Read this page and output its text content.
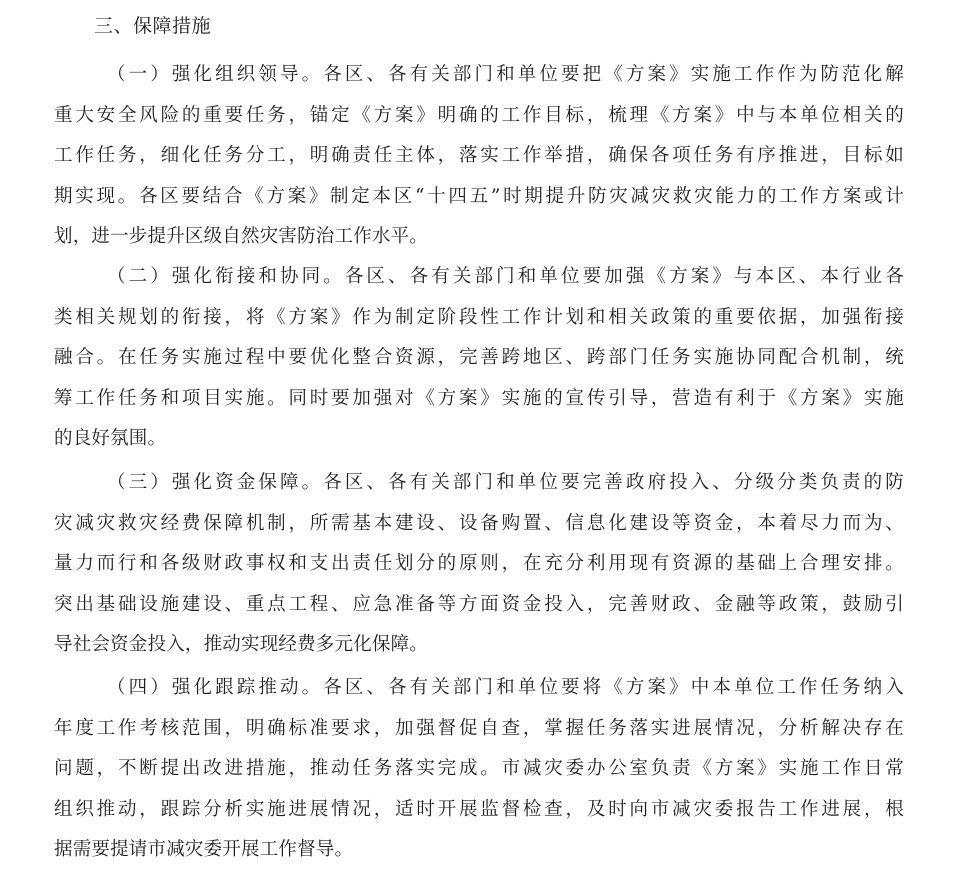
三、保障措施
（一）强化组织领导。各区、各有关部门和单位要把《方案》实施工作作为防范化解
重大安全风险的重要任务，锚定《方案》明确的工作目标，梳理《方案》中与本单位相关的
工作任务，细化任务分工，明确责任主体，落实工作举措，确保各项任务有序推进，目标如
期实现。各区要结合《方案》制定本区“十四五”时期提升防灾减灾救灾能力的工作方案或计
划，进一步提升区级自然灾害防治工作水平。
（二）强化衔接和协同。各区、各有关部门和单位要加强《方案》与本区、本行业各
类相关规划的衔接，将《方案》作为制定阶段性工作计划和相关政策的重要依据，加强衔接
融合。在任务实施过程中要优化整合资源，完善跨地区、跨部门任务实施协同配合机制，统
筹工作任务和项目实施。同时要加强对《方案》实施的宣传引导，营造有利于《方案》实施
的良好氛围。
（三）强化资金保障。各区、各有关部门和单位要完善政府投入、分级分类负责的防
灾减灾救灾经费保障机制，所需基本建设、设备购置、信息化建设等资金，本着尽力而为、
量力而行和各级财政事权和支出责任划分的原则，在充分利用现有资源的基础上合理安排。
突出基础设施建设、重点工程、应急准备等方面资金投入，完善财政、金融等政策，鼓励引
导社会资金投入，推动实现经费多元化保障。
（四）强化跟踪推动。各区、各有关部门和单位要将《方案》中本单位工作任务纳入
年度工作考核范围，明确标准要求，加强督促自查，掌握任务落实进展情况，分析解决存在
问题，不断提出改进措施，推动任务落实完成。市减灾委办公室负责《方案》实施工作日常
组织推动，跟踪分析实施进展情况，适时开展监督检查，及时向市减灾委报告工作进展，根
据需要提请市减灾委开展工作督导。
